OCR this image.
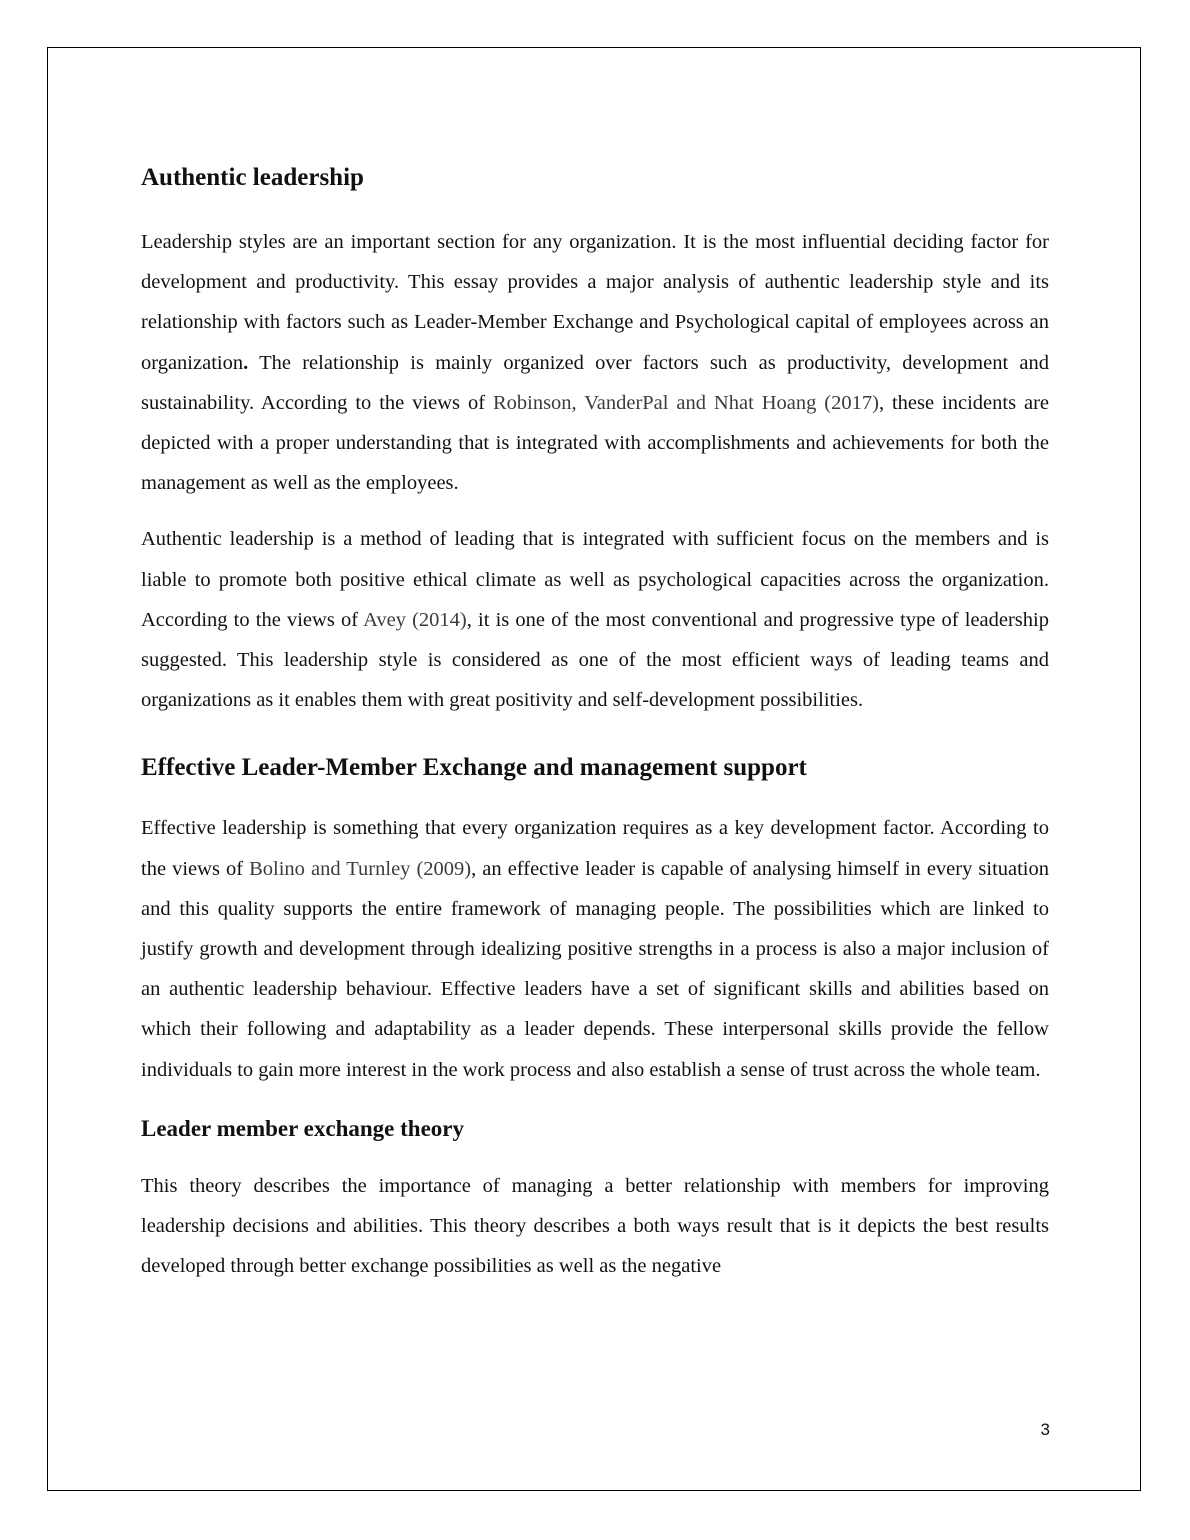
Authentic leadership

Leadership styles are an important section for any organization. It is the most influential deciding factor for development and productivity. This essay provides a major analysis of authentic leadership style and its relationship with factors such as Leader-Member Exchange and Psychological capital of employees across an organization. The relationship is mainly organized over factors such as productivity, development and sustainability. According to the views of Robinson, VanderPal and Nhat Hoang (2017), these incidents are depicted with a proper understanding that is integrated with accomplishments and achievements for both the management as well as the employees.

Authentic leadership is a method of leading that is integrated with sufficient focus on the members and is liable to promote both positive ethical climate as well as psychological capacities across the organization. According to the views of Avey (2014), it is one of the most conventional and progressive type of leadership suggested. This leadership style is considered as one of the most efficient ways of leading teams and organizations as it enables them with great positivity and self-development possibilities.

Effective Leader-Member Exchange and management support

Effective leadership is something that every organization requires as a key development factor. According to the views of Bolino and Turnley (2009), an effective leader is capable of analysing himself in every situation and this quality supports the entire framework of managing people. The possibilities which are linked to justify growth and development through idealizing positive strengths in a process is also a major inclusion of an authentic leadership behaviour. Effective leaders have a set of significant skills and abilities based on which their following and adaptability as a leader depends. These interpersonal skills provide the fellow individuals to gain more interest in the work process and also establish a sense of trust across the whole team.

Leader member exchange theory

This theory describes the importance of managing a better relationship with members for improving leadership decisions and abilities. This theory describes a both ways result that is it depicts the best results developed through better exchange possibilities as well as the negative

3
